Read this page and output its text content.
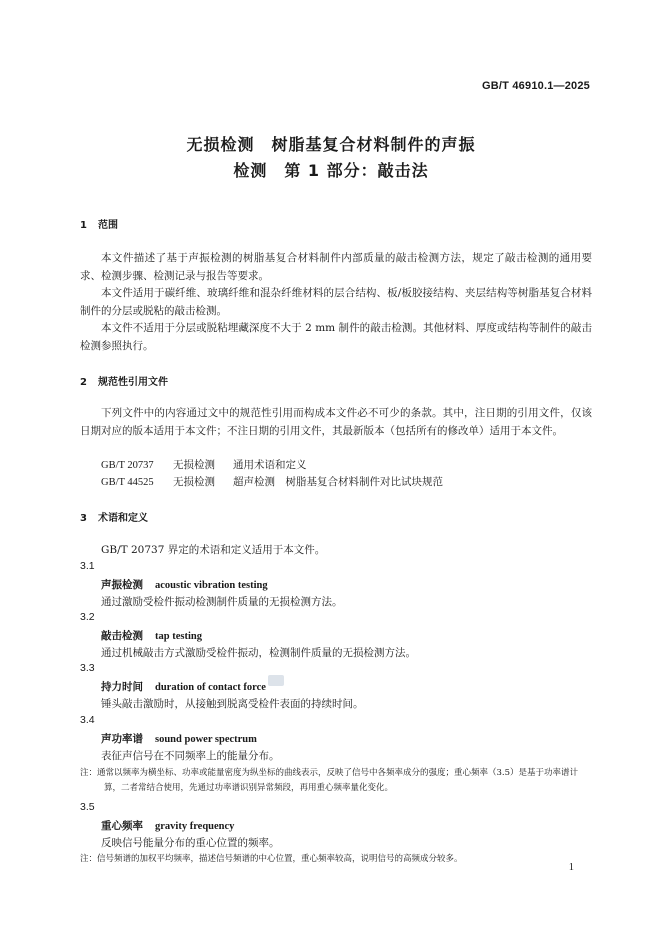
GB/T 46910.1—2025
无损检测　树脂基复合材料制件的声振
检测　第 1 部分：敲击法
1 范围
本文件描述了基于声振检测的树脂基复合材料制件内部质量的敲击检测方法，规定了敲击检测的通用要求、检测步骤、检测记录与报告等要求。
本文件适用于碳纤维、玻璃纤维和混杂纤维材料的层合结构、板/板胶接结构、夹层结构等树脂基复合材料制件的分层或脱粘的敲击检测。
本文件不适用于分层或脱粘埋藏深度不大于 2 mm 制件的敲击检测。其他材料、厚度或结构等制件的敲击检测参照执行。
2 规范性引用文件
下列文件中的内容通过文中的规范性引用而构成本文件必不可少的条款。其中，注日期的引用文件，仅该日期对应的版本适用于本文件；不注日期的引用文件，其最新版本（包括所有的修改单）适用于本文件。
GB/T 20737 无损检测 通用术语和定义
GB/T 44525 无损检测 超声检测　树脂基复合材料制件对比试块规范
3 术语和定义
GB/T 20737 界定的术语和定义适用于本文件。
3.1
声振检测 acoustic vibration testing
通过激励受检件振动检测制件质量的无损检测方法。
3.2
敲击检测 tap testing
通过机械敲击方式激励受检件振动，检测制件质量的无损检测方法。
3.3
持力时间 duration of contact force
锤头敲击激励时，从接触到脱离受检件表面的持续时间。
3.4
声功率谱 sound power spectrum
表征声信号在不同频率上的能量分布。
注：通常以频率为横坐标、功率或能量密度为纵坐标的曲线表示，反映了信号中各频率成分的强度；重心频率（3.5）是基于功率谱计算，二者常结合使用，先通过功率谱识别异常频段，再用重心频率量化变化。
3.5
重心频率 gravity frequency
反映信号能量分布的重心位置的频率。
注：信号频谱的加权平均频率，描述信号频谱的中心位置，重心频率较高，说明信号的高频成分较多。
1
